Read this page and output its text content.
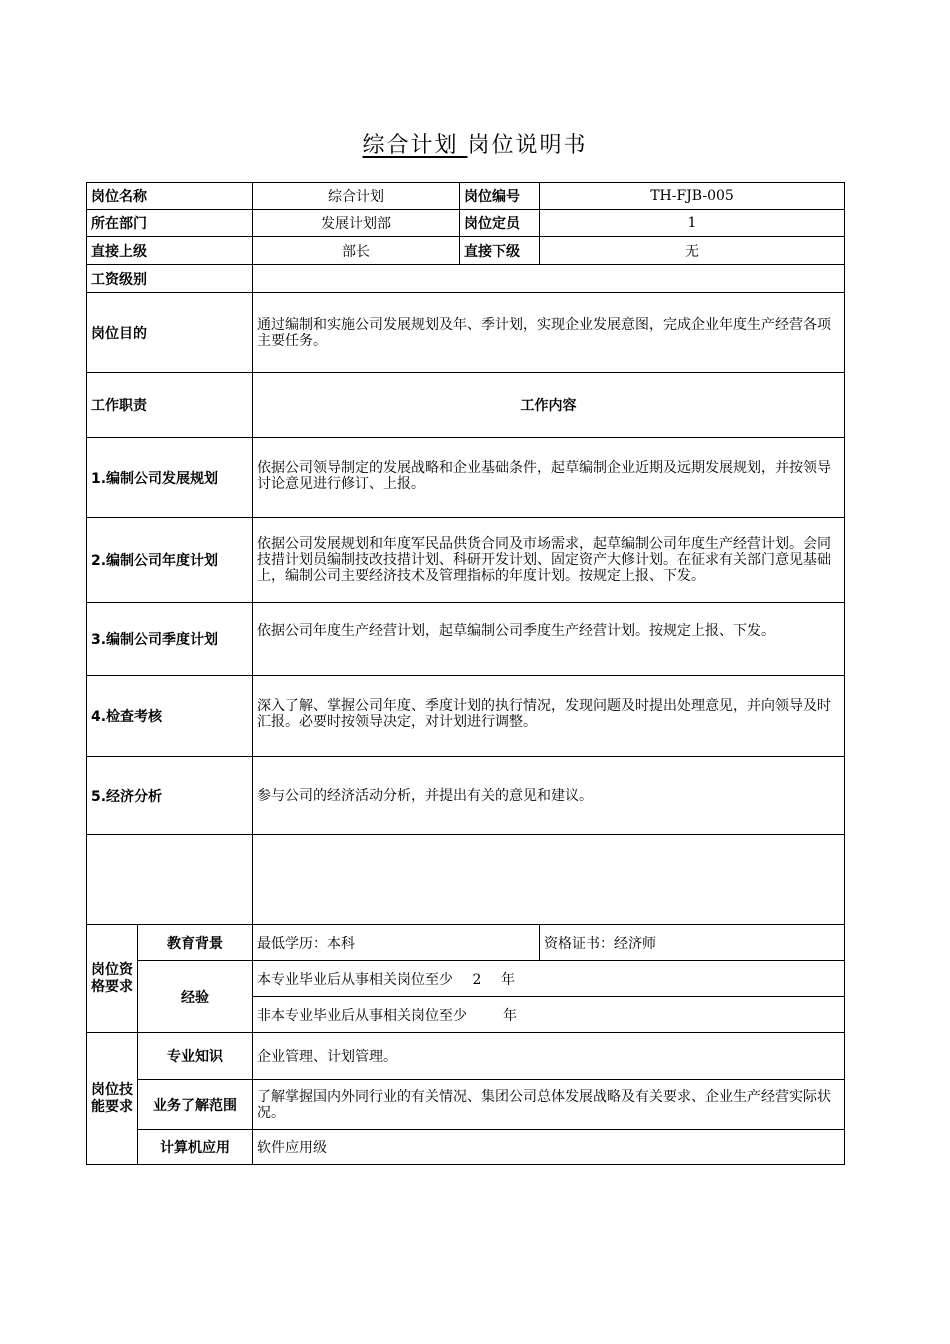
综合计划 岗位说明书
岗位名称		综合计划	岗位编号	TH-FJB-005
所在部门		发展计划部	岗位定员	1
直接上级		部长	直接下级	无
工资级别				
岗位目的		通过编制和实施公司发展规划及年、季计划，实现企业发展意图，完成企业年度生产经营各项主要任务。		
工作职责		工作内容		
1.编制公司发展规划		依据公司领导制定的发展战略和企业基础条件，起草编制企业近期及远期发展规划，并按领导讨论意见进行修订、上报。		
2.编制公司年度计划		依据公司发展规划和年度军民品供货合同及市场需求，起草编制公司年度生产经营计划。会同技措计划员编制技改技措计划、科研开发计划、固定资产大修计划。在征求有关部门意见基础上，编制公司主要经济技术及管理指标的年度计划。按规定上报、下发。		
3.编制公司季度计划		依据公司年度生产经营计划，起草编制公司季度生产经营计划。按规定上报、下发。		
4.检查考核		深入了解、掌握公司年度、季度计划的执行情况，发现问题及时提出处理意见，并向领导及时汇报。必要时按领导决定，对计划进行调整。		
5.经济分析		参与公司的经济活动分析，并提出有关的意见和建议。		

岗位资格要求	教育背景	最低学历：本科		资格证书：经济师
	经验	本专业毕业后从事相关岗位至少 2 年		
		非本专业毕业后从事相关岗位至少 年		
岗位技能要求	专业知识	企业管理、计划管理。		
	业务了解范围	了解掌握国内外同行业的有关情况、集团公司总体发展战略及有关要求、企业生产经营实际状况。		
	计算机应用	软件应用级		
